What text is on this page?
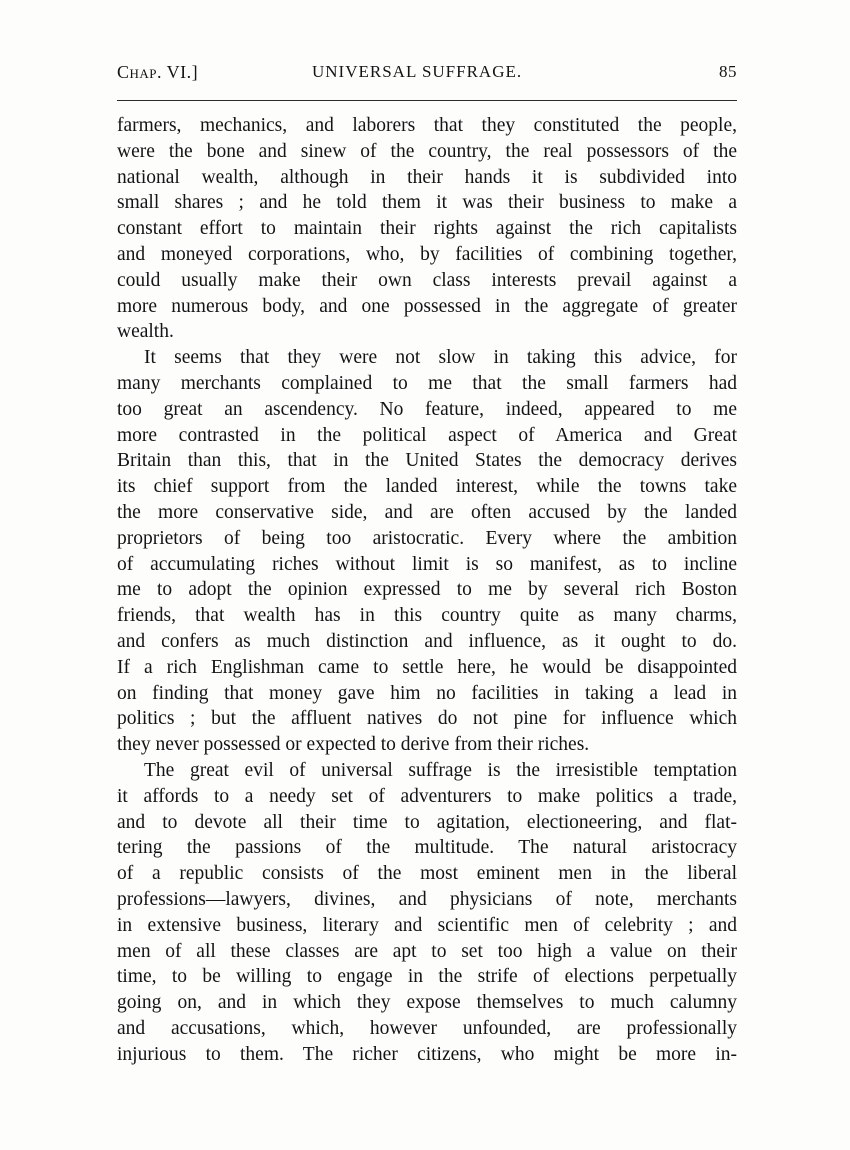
Chap. VI.]	UNIVERSAL SUFFRAGE.	85
farmers, mechanics, and laborers that they constituted the people,
were the bone and sinew of the country, the real possessors of the
national wealth, although in their hands it is subdivided into
small shares ; and he told them it was their business to make a
constant effort to maintain their rights against the rich capitalists
and moneyed corporations, who, by facilities of combining together,
could usually make their own class interests prevail against a
more numerous body, and one possessed in the aggregate of greater
wealth.
It seems that they were not slow in taking this advice, for
many merchants complained to me that the small farmers had
too great an ascendency. No feature, indeed, appeared to me
more contrasted in the political aspect of America and Great
Britain than this, that in the United States the democracy derives
its chief support from the landed interest, while the towns take
the more conservative side, and are often accused by the landed
proprietors of being too aristocratic. Every where the ambition
of accumulating riches without limit is so manifest, as to incline
me to adopt the opinion expressed to me by several rich Boston
friends, that wealth has in this country quite as many charms,
and confers as much distinction and influence, as it ought to do.
If a rich Englishman came to settle here, he would be disappointed
on finding that money gave him no facilities in taking a lead in
politics ; but the affluent natives do not pine for influence which
they never possessed or expected to derive from their riches.
The great evil of universal suffrage is the irresistible temptation
it affords to a needy set of adventurers to make politics a trade,
and to devote all their time to agitation, electioneering, and flat-
tering the passions of the multitude. The natural aristocracy
of a republic consists of the most eminent men in the liberal
professions—lawyers, divines, and physicians of note, merchants
in extensive business, literary and scientific men of celebrity ; and
men of all these classes are apt to set too high a value on their
time, to be willing to engage in the strife of elections perpetually
going on, and in which they expose themselves to much calumny
and accusations, which, however unfounded, are professionally
injurious to them. The richer citizens, who might be more in-
